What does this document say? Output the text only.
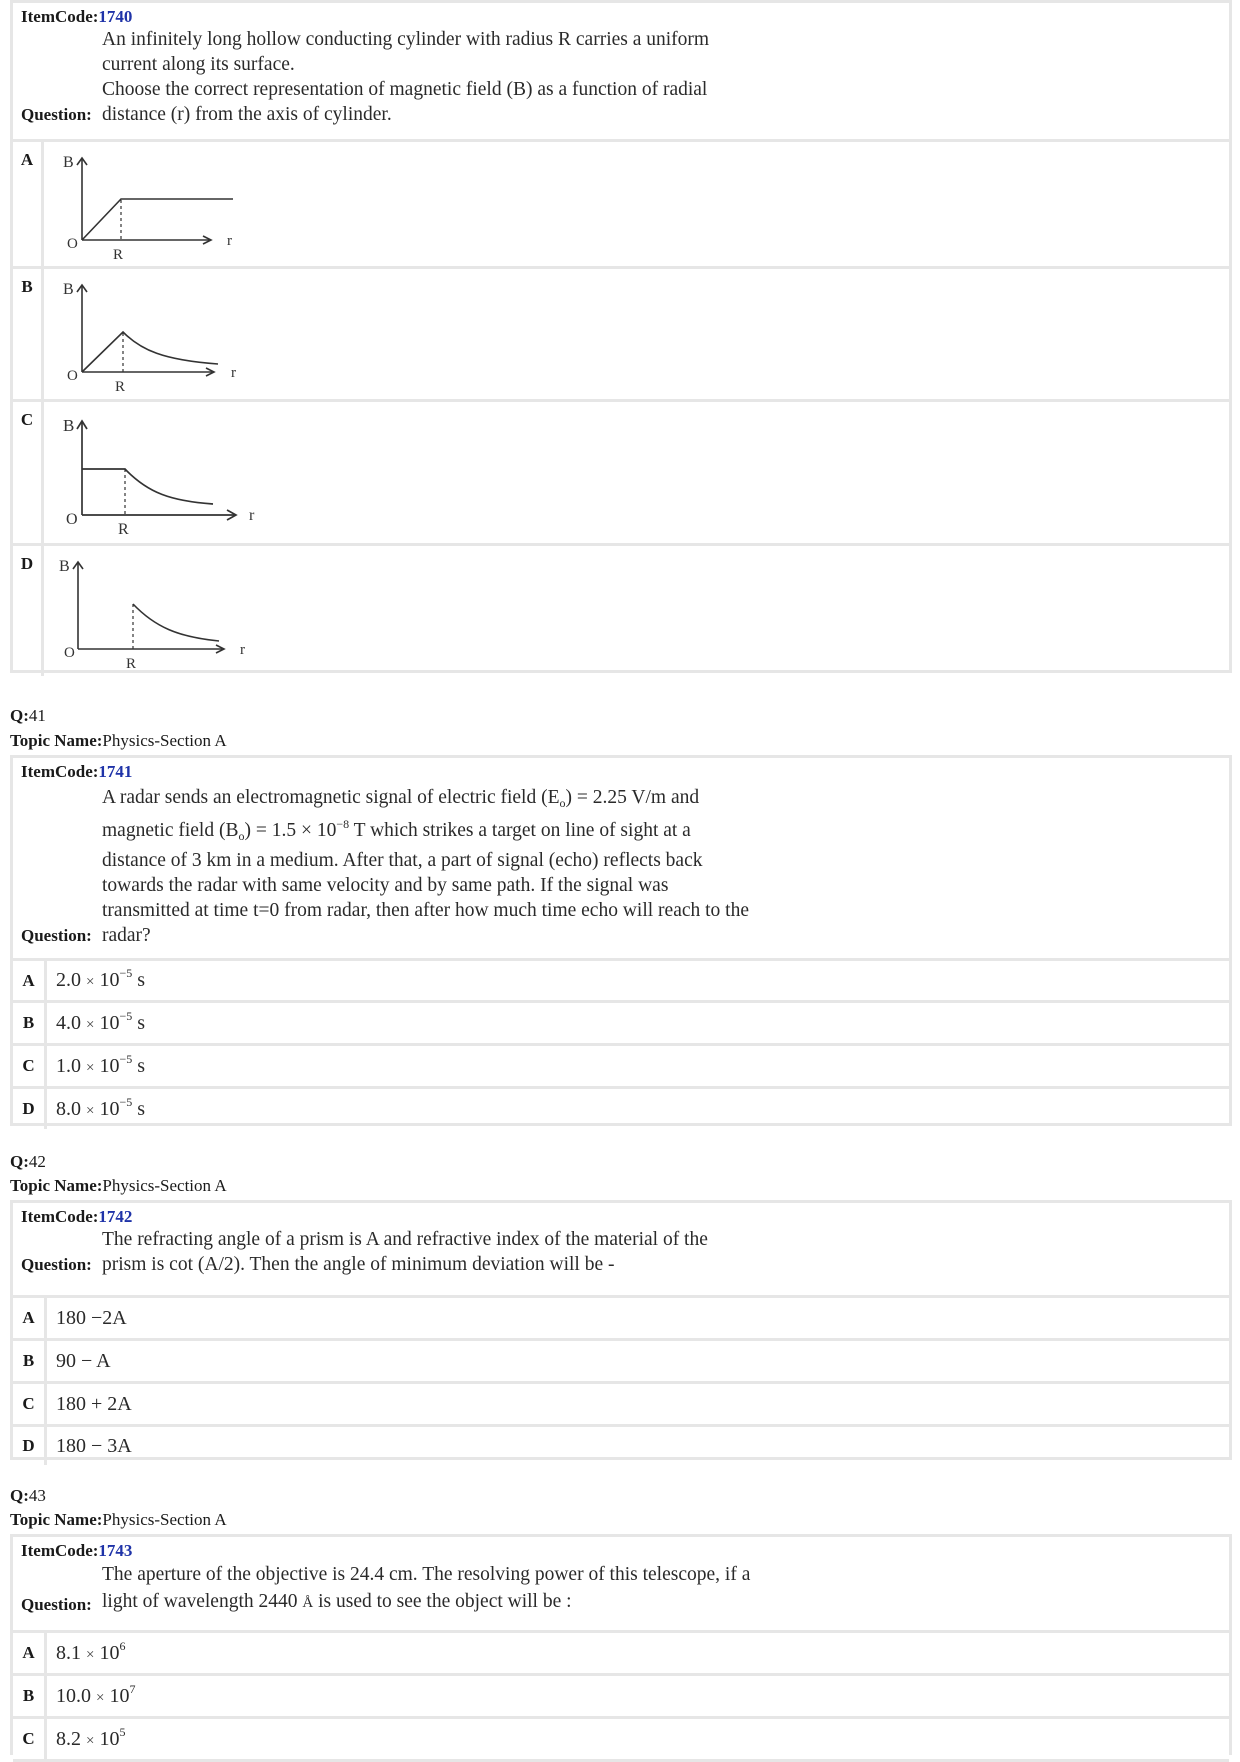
ItemCode:1740
Question:

An infinitely long hollow conducting cylinder with radius R carries a uniform

current along its surface.

Choose the correct representation of magnetic field (B) as a function of radial

distance (r) from the axis of cylinder.

A	B
r
O
R
B	B
r
O
R
C	B
r
O
R
D	B
r
O
R
Q:41
Topic Name:Physics-Section A
ItemCode:1741
Question:

A radar sends an electromagnetic signal of electric field $(E_o) = 2.25$ V/m and

magnetic field $(B_o) = 1.5 \times 10^{-8}$ T which strikes a target on line of sight at a

distance of 3 km in a medium. After that, a part of signal (echo) reflects back

towards the radar with same velocity and by same path. If the signal was

transmitted at time t=0 from radar, then after how much time echo will reach to the

radar?

A	$2.0 \times 10^{-5}$ s
B	$4.0 \times 10^{-5}$ s
C	$1.0 \times 10^{-5}$ s
D	$8.0 \times 10^{-5}$ s
Q:42
Topic Name:Physics-Section A
ItemCode:1742
Question:

The refracting angle of a prism is A and refractive index of the material of the

prism is cot (A/2). Then the angle of minimum deviation will be -

A	180 −2A
B	90 − A
C	180 + 2A
D	180 − 3A
Q:43
Topic Name:Physics-Section A
ItemCode:1743
Question:

The aperture of the objective is 24.4 cm. The resolving power of this telescope, if a

light of wavelength 2440 Å is used to see the object will be :

A	$8.1 \times 10^6$
B	$10.0 \times 10^7$
C	$8.2 \times 10^5$
